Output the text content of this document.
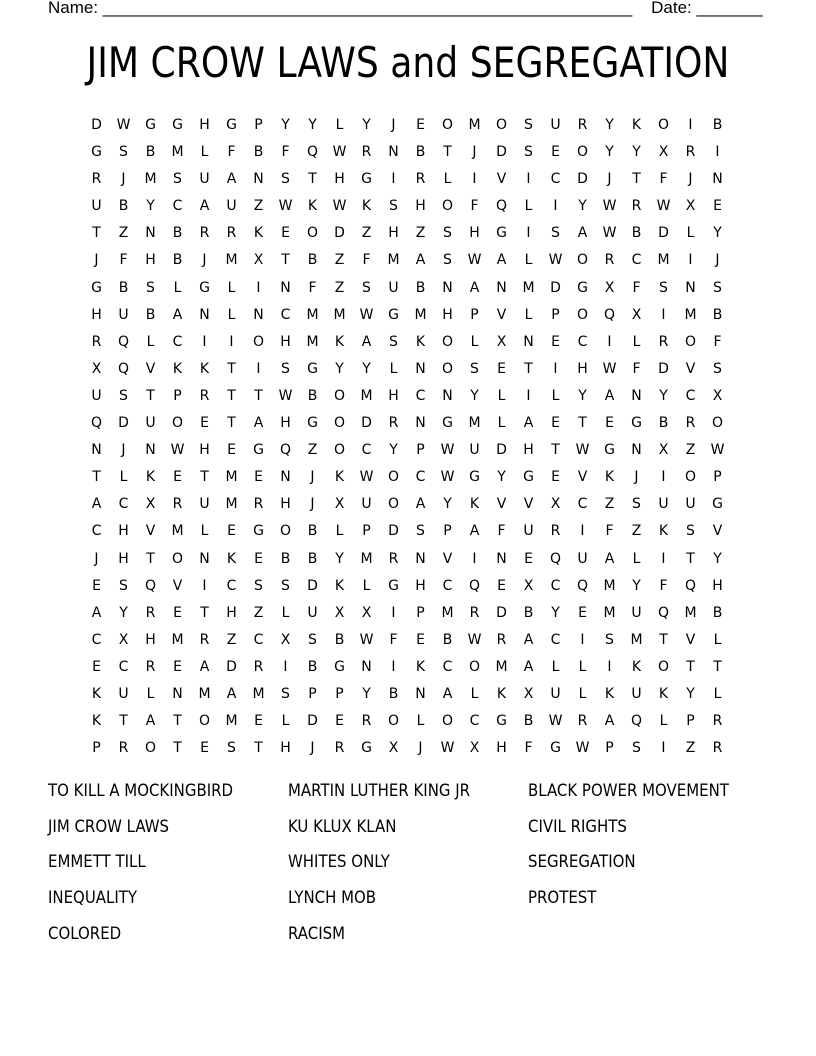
Name: ________________________________________________________    Date: _______
JIM CROW LAWS and SEGREGATION
D	W	G	G	H	G	P	Y	Y	L	Y	J	E	O	M	O	S	U	R	Y	K	O	I	B
G	S	B	M	L	F	B	F	Q	W	R	N	B	T	J	D	S	E	O	Y	Y	X	R	I
R	J	M	S	U	A	N	S	T	H	G	I	R	L	I	V	I	C	D	J	T	F	J	N
U	B	Y	C	A	U	Z	W	K	W	K	S	H	O	F	Q	L	I	Y	W	R	W	X	E
T	Z	N	B	R	R	K	E	O	D	Z	H	Z	S	H	G	I	S	A	W	B	D	L	Y
J	F	H	B	J	M	X	T	B	Z	F	M	A	S	W	A	L	W	O	R	C	M	I	J
G	B	S	L	G	L	I	N	F	Z	S	U	B	N	A	N	M	D	G	X	F	S	N	S
H	U	B	A	N	L	N	C	M	M	W	G	M	H	P	V	L	P	O	Q	X	I	M	B
R	Q	L	C	I	I	O	H	M	K	A	S	K	O	L	X	N	E	C	I	L	R	O	F
X	Q	V	K	K	T	I	S	G	Y	Y	L	N	O	S	E	T	I	H	W	F	D	V	S
U	S	T	P	R	T	T	W	B	O	M	H	C	N	Y	L	I	L	Y	A	N	Y	C	X
Q	D	U	O	E	T	A	H	G	O	D	R	N	G	M	L	A	E	T	E	G	B	R	O
N	J	N	W	H	E	G	Q	Z	O	C	Y	P	W	U	D	H	T	W	G	N	X	Z	W
T	L	K	E	T	M	E	N	J	K	W	O	C	W	G	Y	G	E	V	K	J	I	O	P
A	C	X	R	U	M	R	H	J	X	U	O	A	Y	K	V	V	X	C	Z	S	U	U	G
C	H	V	M	L	E	G	O	B	L	P	D	S	P	A	F	U	R	I	F	Z	K	S	V
J	H	T	O	N	K	E	B	B	Y	M	R	N	V	I	N	E	Q	U	A	L	I	T	Y
E	S	Q	V	I	C	S	S	D	K	L	G	H	C	Q	E	X	C	Q	M	Y	F	Q	H
A	Y	R	E	T	H	Z	L	U	X	X	I	P	M	R	D	B	Y	E	M	U	Q	M	B
C	X	H	M	R	Z	C	X	S	B	W	F	E	B	W	R	A	C	I	S	M	T	V	L
E	C	R	E	A	D	R	I	B	G	N	I	K	C	O	M	A	L	L	I	K	O	T	T
K	U	L	N	M	A	M	S	P	P	Y	B	N	A	L	K	X	U	L	K	U	K	Y	L
K	T	A	T	O	M	E	L	D	E	R	O	L	O	C	G	B	W	R	A	Q	L	P	R
P	R	O	T	E	S	T	H	J	R	G	X	J	W	X	H	F	G	W	P	S	I	Z	R
TO KILL A MOCKINGBIRD	MARTIN LUTHER KING JR	BLACK POWER MOVEMENT
JIM CROW LAWS	KU KLUX KLAN	CIVIL RIGHTS
EMMETT TILL	WHITES ONLY	SEGREGATION
INEQUALITY	LYNCH MOB	PROTEST
COLORED	RACISM
